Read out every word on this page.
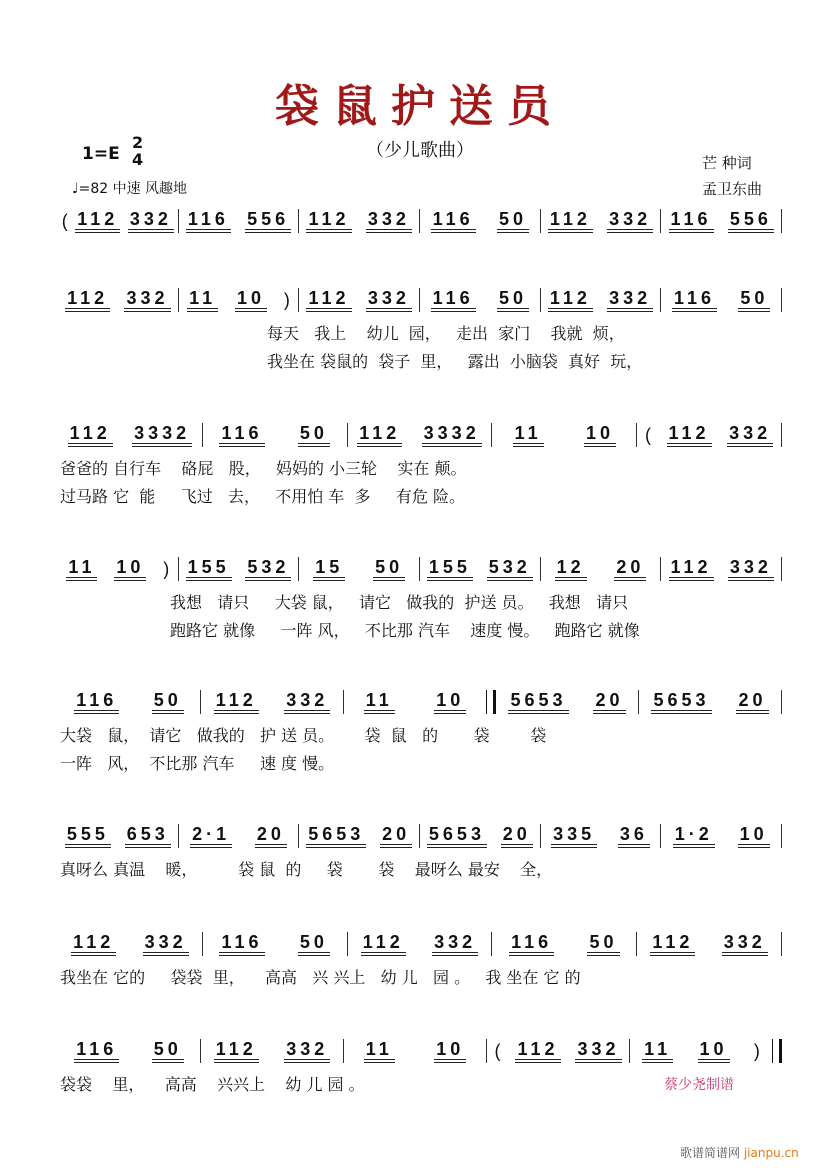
袋鼠护送员
（少儿歌曲）
1=E
2
4
♩=82 中速 风趣地
芒 种词
孟卫东曲
( 112 332 116 556 112 332 116 50 112 332 116 556
112 332 11 10 ) 112 332 116 50 112 332 116 50
每天   我上    幼儿  园，   走出  家门    我就  烦，
我坐在 袋鼠的  袋子  里，   露出  小脑袋  真好  玩，
112 3332 116 50 112 3332 11 10 ( 112 332
爸爸的 自行车    硌屁   股，   妈妈的 小三轮    实在 颠。
过马路 它  能     飞过   去，   不用怕 车  多     有危 险。
11 10 ) 155 532 15 50 155 532 12 20 112 332
我想   请只     大袋 鼠，   请它   做我的  护送 员。   我想   请只
跑路它 就像     一阵 风，   不比那 汽车    速度 慢。   跑路它 就像
116 50 112 332 11 10	5653 20 5653 20
大袋   鼠，  请它   做我的   护 送 员。      袋  鼠   的       袋        袋
一阵   风，  不比那 汽车     速 度 慢。
555 653 2·1 20 5653 20 5653 20 335 36 1·2 10
真呀么 真温    暖，        袋 鼠  的     袋       袋    最呀么 最安    全，
112 332 116 50 112 332 116 50 112 332
我坐在 它的     袋袋  里，    高高   兴 兴上   幼 儿   园 。   我 坐在 它 的
116 50 112 332 11 10 ( 112 332 11 10 )
袋袋    里，    高高    兴兴上    幼 儿 园 。	蔡少尧制谱
歌谱简谱网 jianpu.cn
